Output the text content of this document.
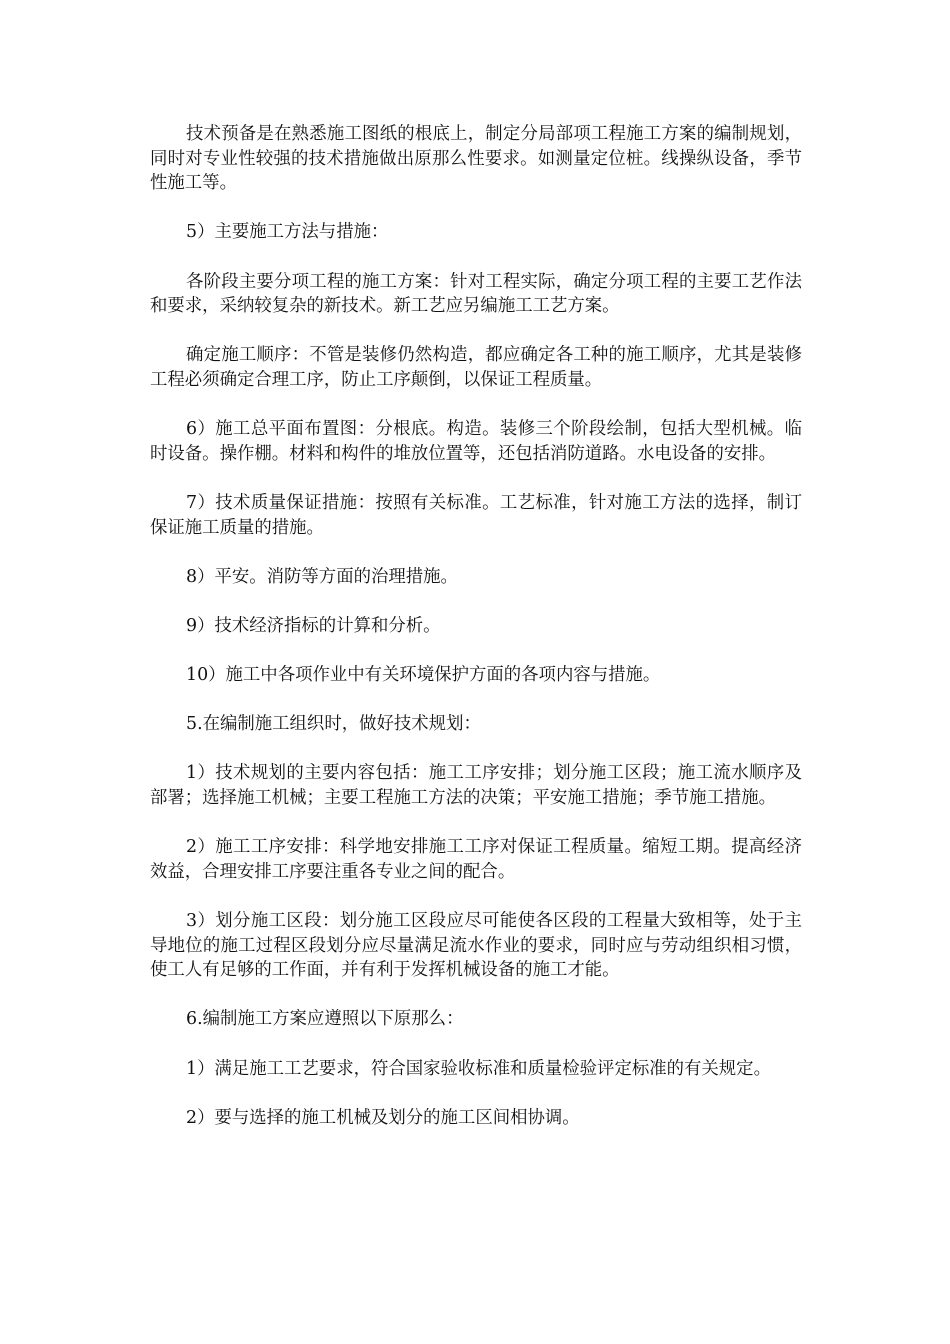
技术预备是在熟悉施工图纸的根底上，制定分局部项工程施工方案的编制规划，同时对专业性较强的技术措施做出原那么性要求。如测量定位桩。线操纵设备，季节性施工等。

5）主要施工方法与措施：

各阶段主要分项工程的施工方案：针对工程实际，确定分项工程的主要工艺作法和要求，采纳较复杂的新技术。新工艺应另编施工工艺方案。

确定施工顺序：不管是装修仍然构造，都应确定各工种的施工顺序，尤其是装修工程必须确定合理工序，防止工序颠倒，以保证工程质量。

6）施工总平面布置图：分根底。构造。装修三个阶段绘制，包括大型机械。临时设备。操作棚。材料和构件的堆放位置等，还包括消防道路。水电设备的安排。

7）技术质量保证措施：按照有关标准。工艺标准，针对施工方法的选择，制订保证施工质量的措施。

8）平安。消防等方面的治理措施。

9）技术经济指标的计算和分析。

10）施工中各项作业中有关环境保护方面的各项内容与措施。

5.在编制施工组织时，做好技术规划：

1）技术规划的主要内容包括：施工工序安排；划分施工区段；施工流水顺序及部署；选择施工机械；主要工程施工方法的决策；平安施工措施；季节施工措施。

2）施工工序安排：科学地安排施工工序对保证工程质量。缩短工期。提高经济效益，合理安排工序要注重各专业之间的配合。

3）划分施工区段：划分施工区段应尽可能使各区段的工程量大致相等，处于主导地位的施工过程区段划分应尽量满足流水作业的要求，同时应与劳动组织相习惯，使工人有足够的工作面，并有利于发挥机械设备的施工才能。

6.编制施工方案应遵照以下原那么：

1）满足施工工艺要求，符合国家验收标准和质量检验评定标准的有关规定。

2）要与选择的施工机械及划分的施工区间相协调。
